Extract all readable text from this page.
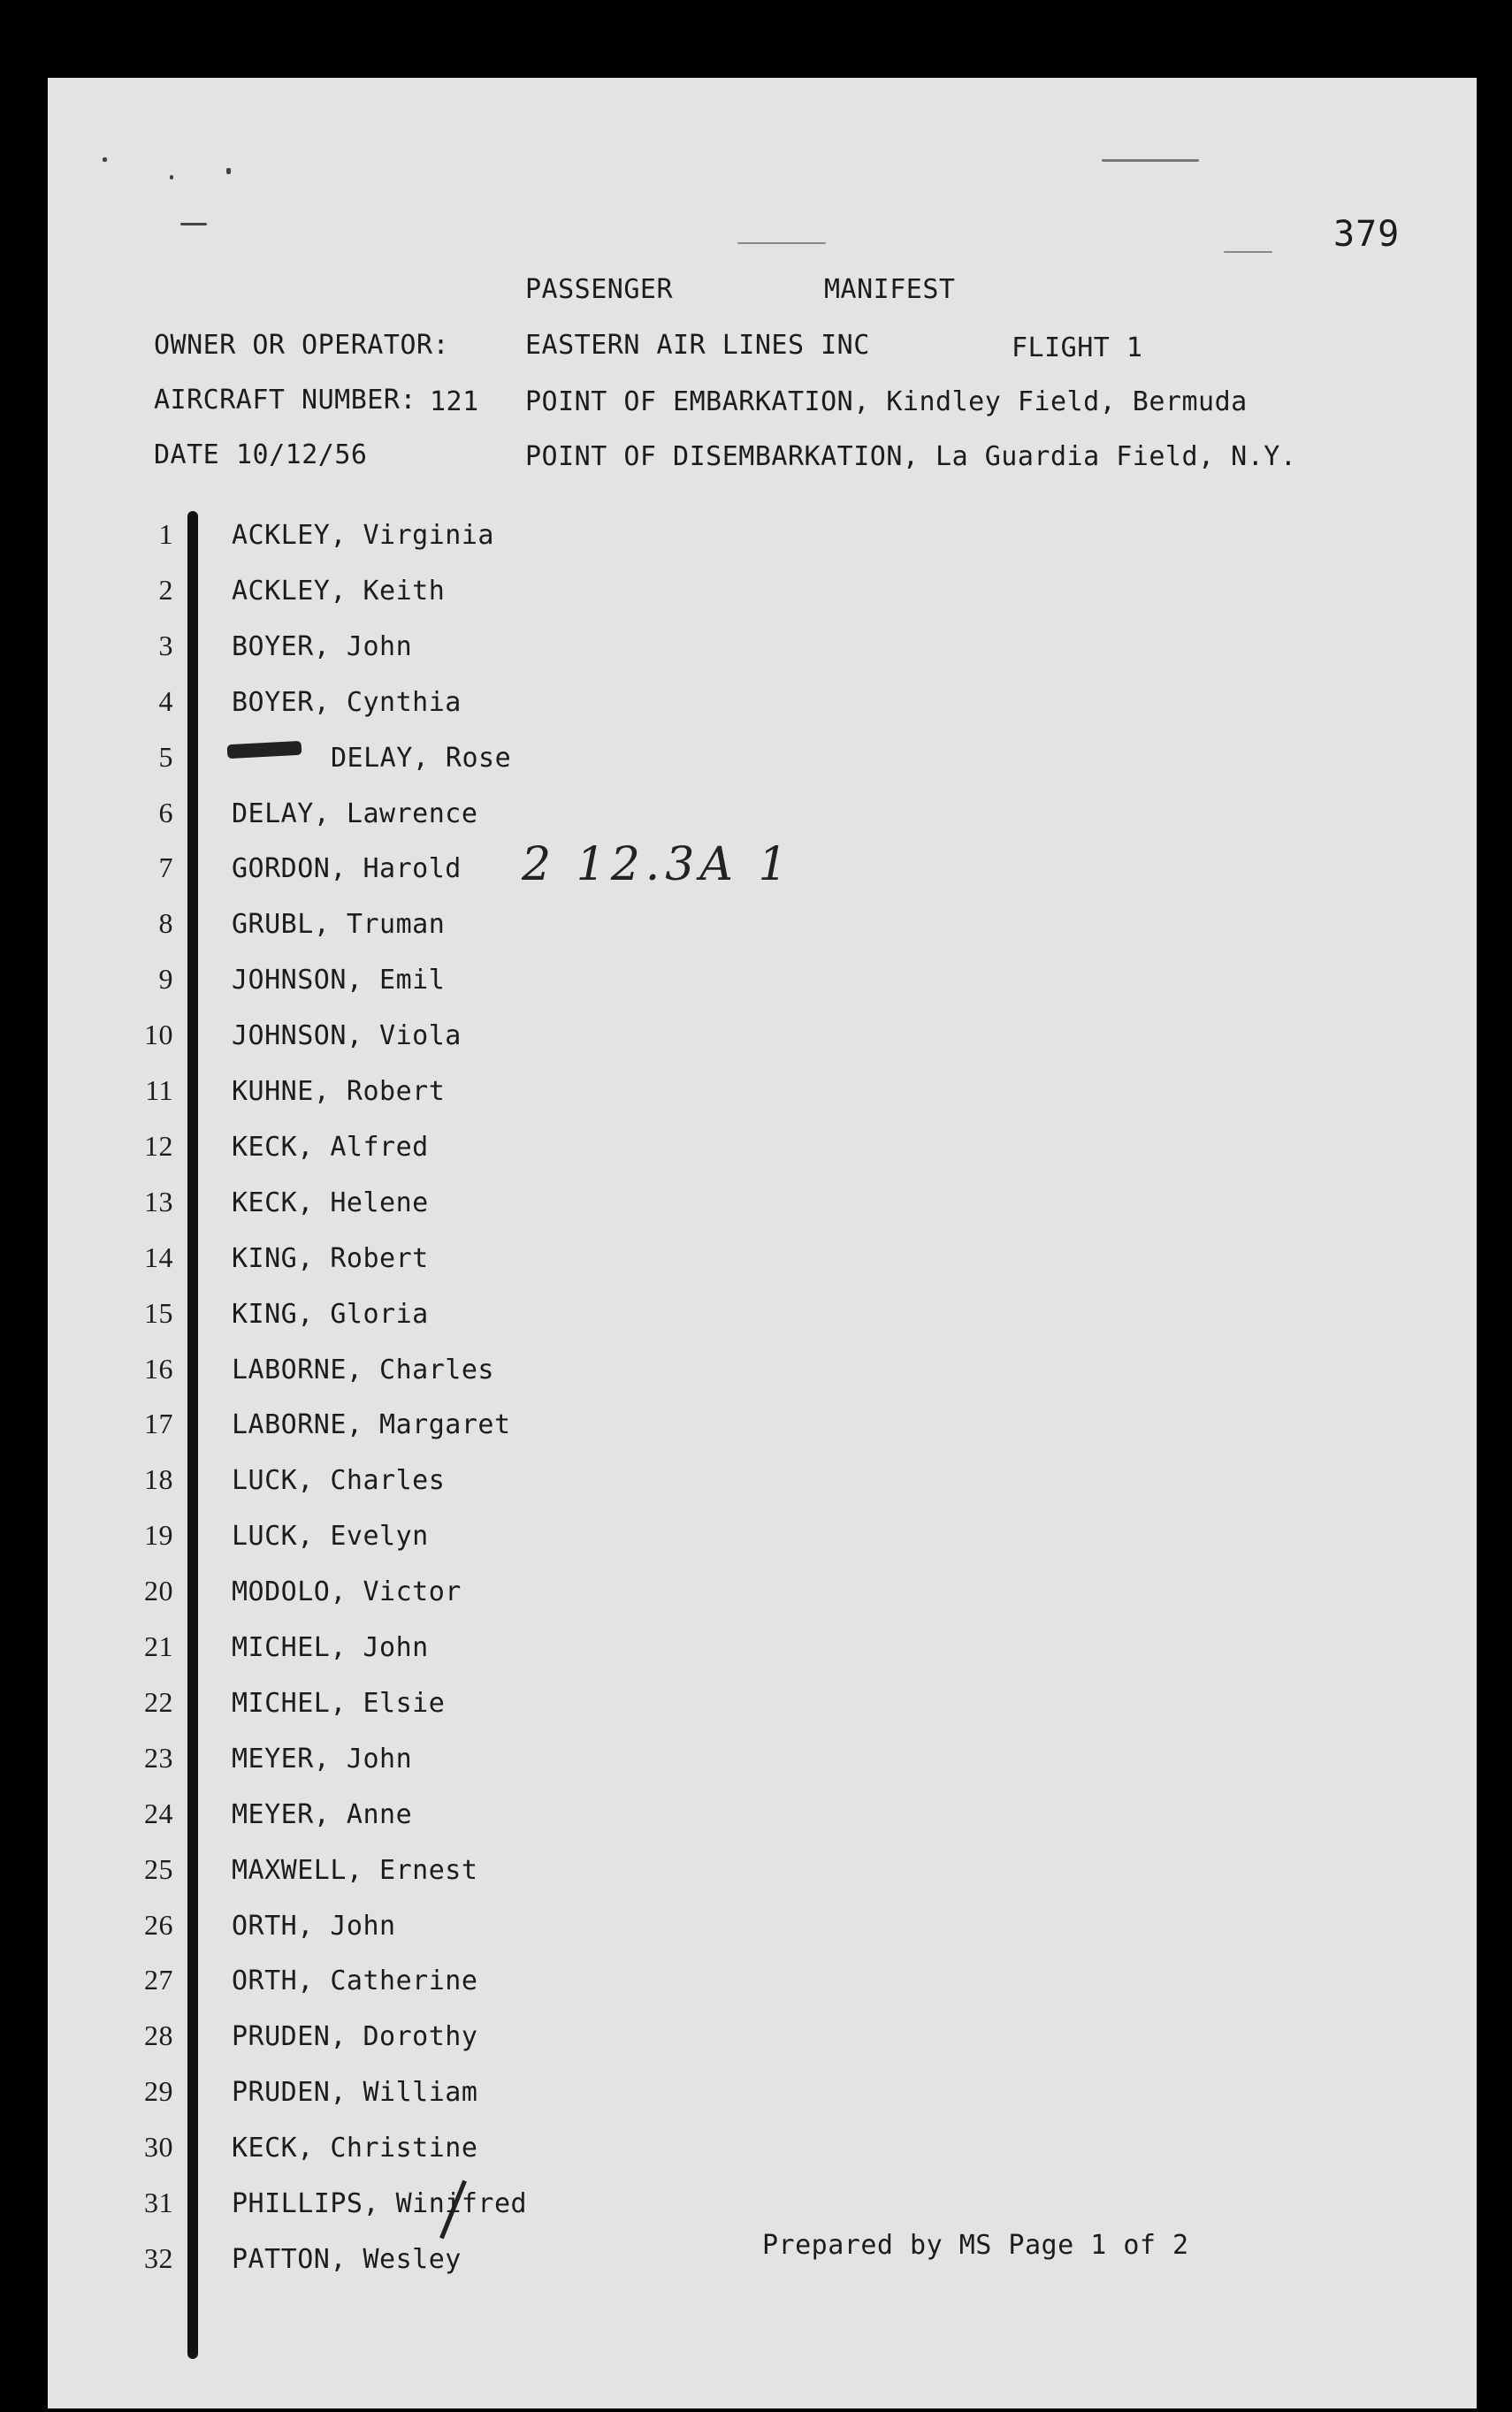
379
PASSENGER	MANIFEST
OWNER OR OPERATOR:	EASTERN AIR LINES INC	FLIGHT 1
AIRCRAFT NUMBER: 121 POINT OF EMBARKATION, Kindley Field, Bermuda
DATE 10/12/56	POINT OF DISEMBARKATION, La Guardia Field, N.Y.
2 12.3A 1
1 ACKLEY, Virginia
2 ACKLEY, Keith
3 BOYER, John
4 BOYER, Cynthia
5	DELAY, Rose
6 DELAY, Lawrence
7 GORDON, Harold
8 GRUBL, Truman
9 JOHNSON, Emil
10 JOHNSON, Viola
11 KUHNE, Robert
12 KECK, Alfred
13 KECK, Helene
14 KING, Robert
15 KING, Gloria
16 LABORNE, Charles
17 LABORNE, Margaret
18 LUCK, Charles
19 LUCK, Evelyn
20 MODOLO, Victor
21 MICHEL, John
22 MICHEL, Elsie
23 MEYER, John
24 MEYER, Anne
25 MAXWELL, Ernest
26 ORTH, John
27 ORTH, Catherine
28 PRUDEN, Dorothy
29 PRUDEN, William
30 KECK, Christine
31 PHILLIPS, Winifred
32 PATTON, Wesley	Prepared by MS Page 1 of 2
